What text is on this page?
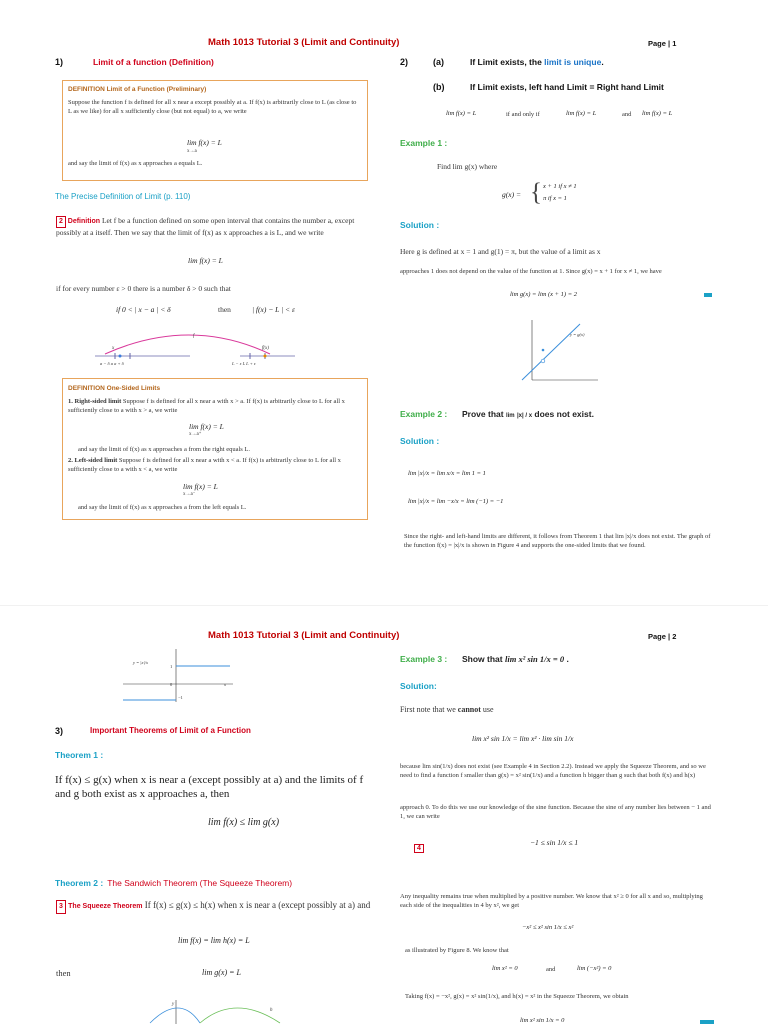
Math 1013 Tutorial 3 (Limit and Continuity)	Page | 1
1)	Limit of a function (Definition)
DEFINITION Limit of a Function (Preliminary)
Suppose the function f is defined for all x near a except possibly at a. If f(x) is arbitrarily close to L (as close to L as we like) for all x sufficiently close (but not equal) to a, we write
lim f(x) = L
x→a
and say the limit of f(x) as x approaches a equals L.
The Precise Definition of Limit (p. 110)
2 Definition Let f be a function defined on some open interval that contains the number a, except possibly at a itself. Then we say that the limit of f(x) as x approaches a is L, and we write
lim f(x) = L
if for every number ε > 0 there is a number δ > 0 such that
if 0 < | x − a | < δ	then	| f(x) − L | < ε
f
f(x)
x
a − δ a a + δ	L − ε L L + ε
DEFINITION One-Sided Limits
1. Right-sided limit Suppose f is defined for all x near a with x > a. If f(x) is arbitrarily close to L for all x sufficiently close to a with x > a, we write
lim f(x) = L
x→a⁺
and say the limit of f(x) as x approaches a from the right equals L.
2. Left-sided limit Suppose f is defined for all x near a with x < a. If f(x) is arbitrarily close to L for all x sufficiently close to a with x < a, we write
lim f(x) = L
x→a⁻
and say the limit of f(x) as x approaches a from the left equals L.
2)	(a)	If Limit exists, the limit is unique.
(b)	If Limit exists, left hand Limit = Right hand Limit
lim f(x) = L	if and only if	lim f(x) = L	and lim f(x) = L
Example 1 :
Find lim g(x) where
g(x) = { x + 1 if x ≠ 1
π if x = 1
Solution :
Here g is defined at x = 1 and g(1) = π, but the value of a limit as x
approaches 1 does not depend on the value of the function at 1. Since g(x) = x + 1 for x ≠ 1, we have
lim g(x) = lim (x + 1) = 2
y = g(x)
Example 2 : Prove that lim |x| / x does not exist.
Solution :
lim |x|/x = lim x/x = lim 1 = 1
lim |x|/x = lim −x/x = lim (−1) = −1
Since the right- and left-hand limits are different, it follows from Theorem 1 that lim |x|/x does not exist. The graph of the function f(x) = |x|/x is shown in Figure 4 and supports the one-sided limits that we found.
Math 1013 Tutorial 3 (Limit and Continuity)	Page | 2
y = |x|/x
1
−1
0	x
Example 3 : Show that lim x² sin 1/x = 0 .
Solution:
First note that we cannot use
lim x² sin 1/x = lim x² · lim sin 1/x
because lim sin(1/x) does not exist (see Example 4 in Section 2.2). Instead we apply the Squeeze Theorem, and so we need to find a function f smaller than g(x) = x² sin(1/x) and a function h bigger than g such that both f(x) and h(x)
approach 0. To do this we use our knowledge of the sine function. Because the sine of any number lies between − 1 and 1, we can write
4
−1 ≤ sin 1/x ≤ 1
Any inequality remains true when multiplied by a positive number. We know that x² ≥ 0 for all x and so, multiplying each side of the inequalities in 4 by x², we get
−x² ≤ x² sin 1/x ≤ x²
as illustrated by Figure 8. We know that
lim x² = 0	and	lim (−x²) = 0
Taking f(x) = −x², g(x) = x² sin(1/x), and h(x) = x² in the Squeeze Theorem, we obtain
lim x² sin 1/x = 0
3)	Important Theorems of Limit of a Function
Theorem 1 :
If f(x) ≤ g(x) when x is near a (except possibly at a) and the limits of f and g both exist as x approaches a, then
lim f(x) ≤ lim g(x)
Theorem 2 : The Sandwich Theorem (The Squeeze Theorem)
3 The Squeeze Theorem If f(x) ≤ g(x) ≤ h(x) when x is near a (except possibly at a) and
lim f(x) = lim h(x) = L
then	lim g(x) = L
h
y
